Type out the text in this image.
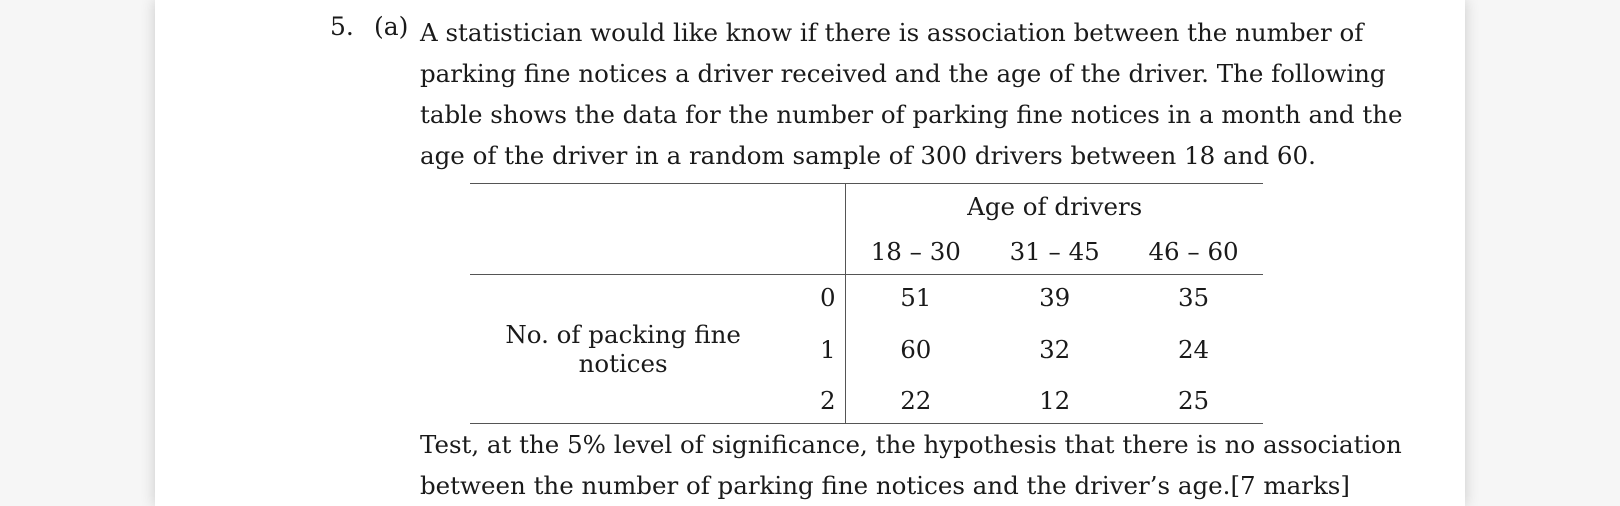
5. (a) A statistician would like know if there is association between the number of
parking fine notices a driver received and the age of the driver. The following
table shows the data for the number of parking fine notices in a month and the
age of the driver in a random sample of 300 drivers between 18 and 60.
		Age of drivers		
		18 – 30	31 – 45	46 – 60
	0	51	39	35
No. of packing fine notices	1	60	32	24
	2	22	12	25
Test, at the 5% level of significance, the hypothesis that there is no association
between the number of parking fine notices and the driver’s age. [7 marks]
